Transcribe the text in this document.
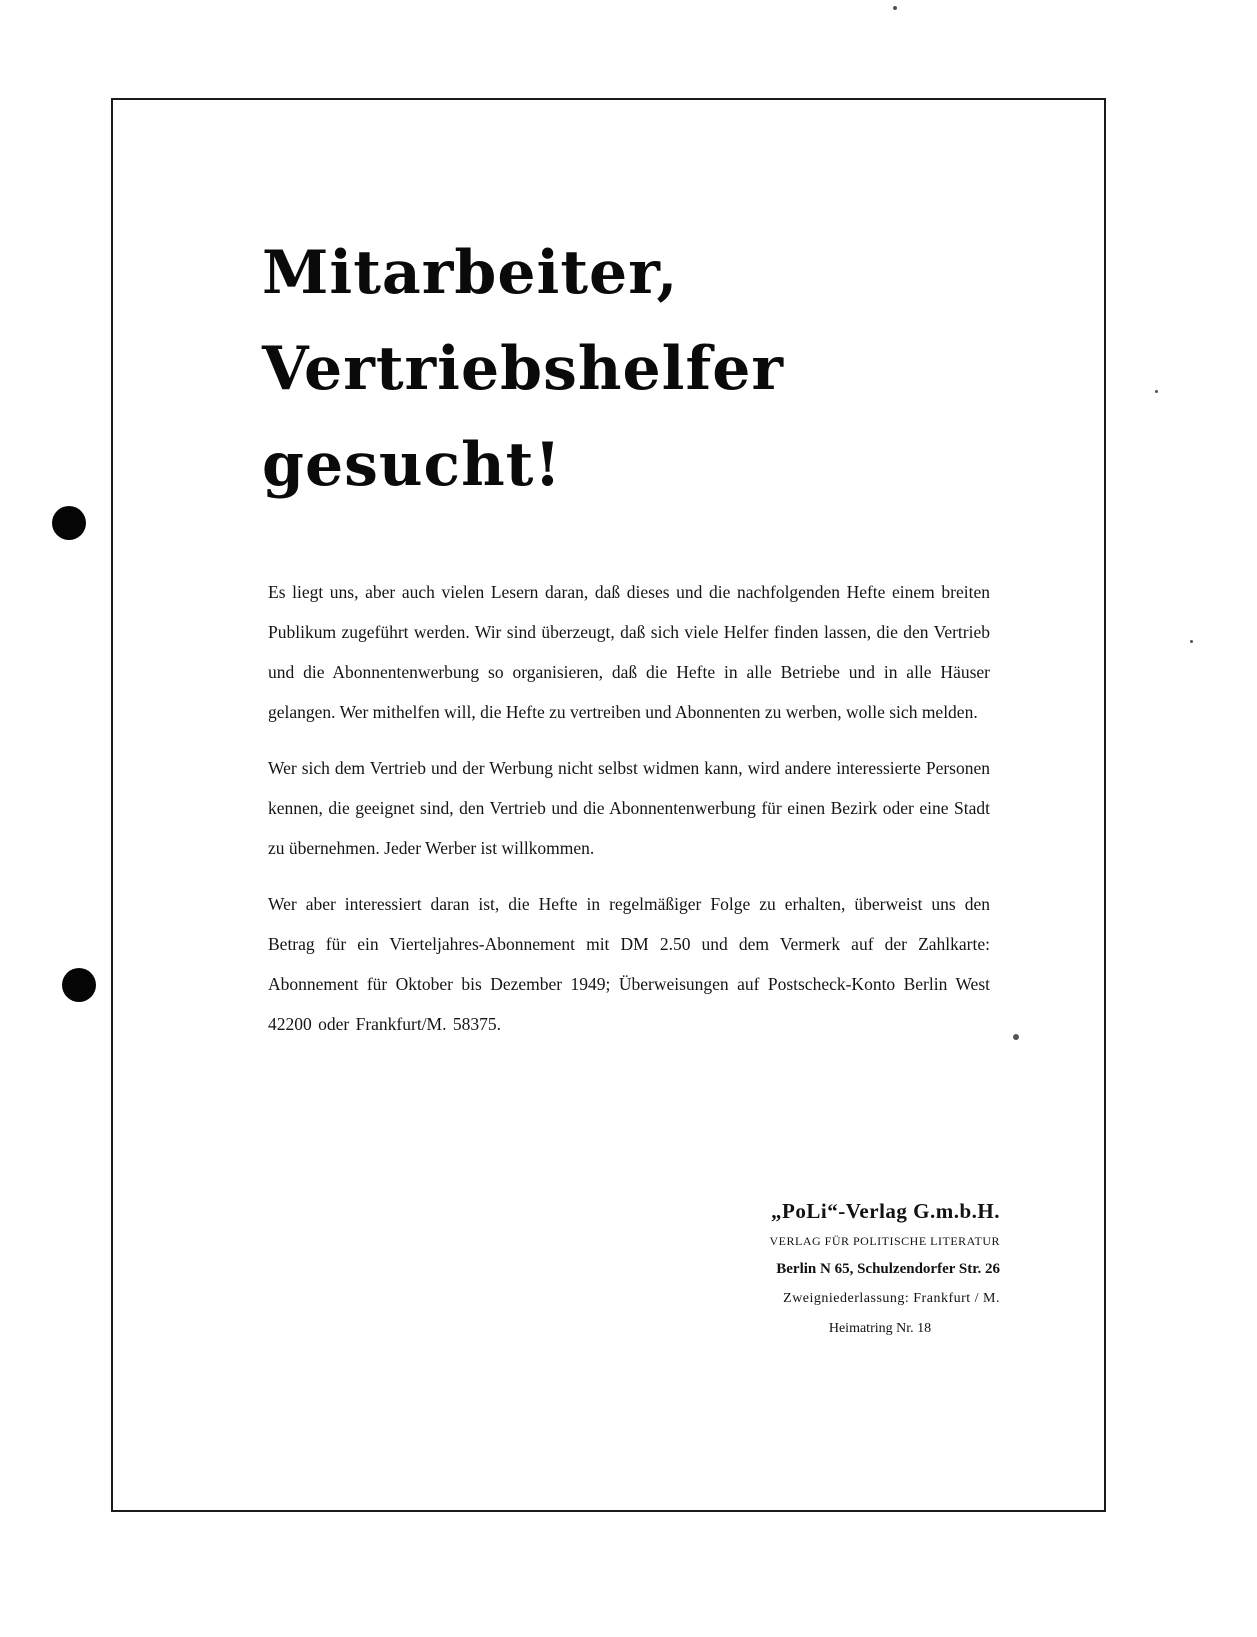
Mitarbeiter,
Vertriebshelfer
gesucht!

Es liegt uns, aber auch vielen Lesern daran, daß dieses und die nachfolgenden Hefte einem breiten Publikum zugeführt werden. Wir sind überzeugt, daß sich viele Helfer finden lassen, die den Vertrieb und die Abonnentenwerbung so organisieren, daß die Hefte in alle Betriebe und in alle Häuser gelangen. Wer mithelfen will, die Hefte zu vertreiben und Abonnenten zu werben, wolle sich melden.

Wer sich dem Vertrieb und der Werbung nicht selbst widmen kann, wird andere interessierte Personen kennen, die geeignet sind, den Vertrieb und die Abonnentenwerbung für einen Bezirk oder eine Stadt zu übernehmen. Jeder Werber ist willkommen.

Wer aber interessiert daran ist, die Hefte in regelmäßiger Folge zu erhalten, überweist uns den Betrag für ein Vierteljahres-Abonnement mit DM 2.50 und dem Vermerk auf der Zahlkarte: Abonnement für Oktober bis Dezember 1949; Überweisungen auf Postscheck-Konto Berlin West 42200 oder Frankfurt/M. 58375.

„PoLi“-Verlag G.m.b.H.
VERLAG FÜR POLITISCHE LITERATUR
Berlin N 65, Schulzendorfer Str. 26
Zweigniederlassung: Frankfurt / M.
Heimatring Nr. 18
